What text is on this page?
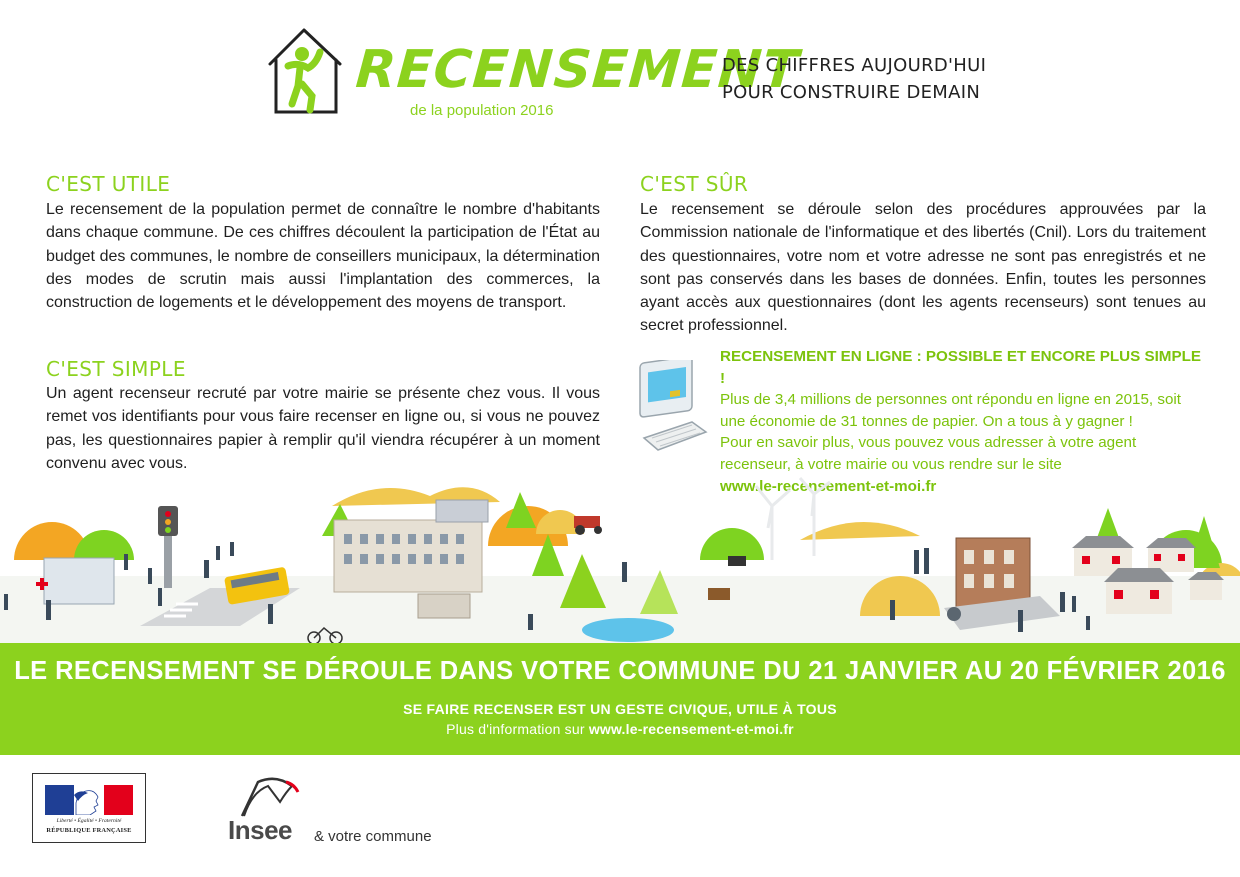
RECENSEMENT
de la population 2016
DES CHIFFRES AUJOURD'HUI
POUR CONSTRUIRE DEMAIN
C'EST UTILE
Le recensement de la population permet de connaître le nombre d'habitants dans chaque commune. De ces chiffres découlent la participation de l'État au budget des communes, le nombre de conseillers municipaux, la détermination des modes de scrutin mais aussi l'implantation des commerces, la construction de logements et le développement des moyens de transport.
C'EST SIMPLE
Un agent recenseur recruté par votre mairie se présente chez vous. Il vous remet vos identifiants pour vous faire recenser en ligne ou, si vous ne pouvez pas, les questionnaires papier à remplir qu'il viendra récupérer à un moment convenu avec vous.
C'EST SÛR
Le recensement se déroule selon des procédures approuvées par la Commission nationale de l'informatique et des libertés (Cnil). Lors du traitement des questionnaires, votre nom et votre adresse ne sont pas enregistrés et ne sont pas conservés dans les bases de données. Enfin, toutes les personnes ayant accès aux questionnaires (dont les agents recenseurs) sont tenues au secret professionnel.
RECENSEMENT EN LIGNE : POSSIBLE ET ENCORE PLUS SIMPLE !
Plus de 3,4 millions de personnes ont répondu en ligne en 2015, soit
une économie de 31 tonnes de papier. On a tous à y gagner !
Pour en savoir plus, vous pouvez vous adresser à votre agent
recenseur, à votre mairie ou vous rendre sur le site
www.le-recensement-et-moi.fr
LE RECENSEMENT SE DÉROULE DANS VOTRE COMMUNE DU 21 JANVIER AU 20 FÉVRIER 2016
SE FAIRE RECENSER EST UN GESTE CIVIQUE, UTILE À TOUS
Plus d'information sur www.le-recensement-et-moi.fr
Liberté • Égalité • Fraternité
RÉPUBLIQUE FRANÇAISE	Insee & votre commune
